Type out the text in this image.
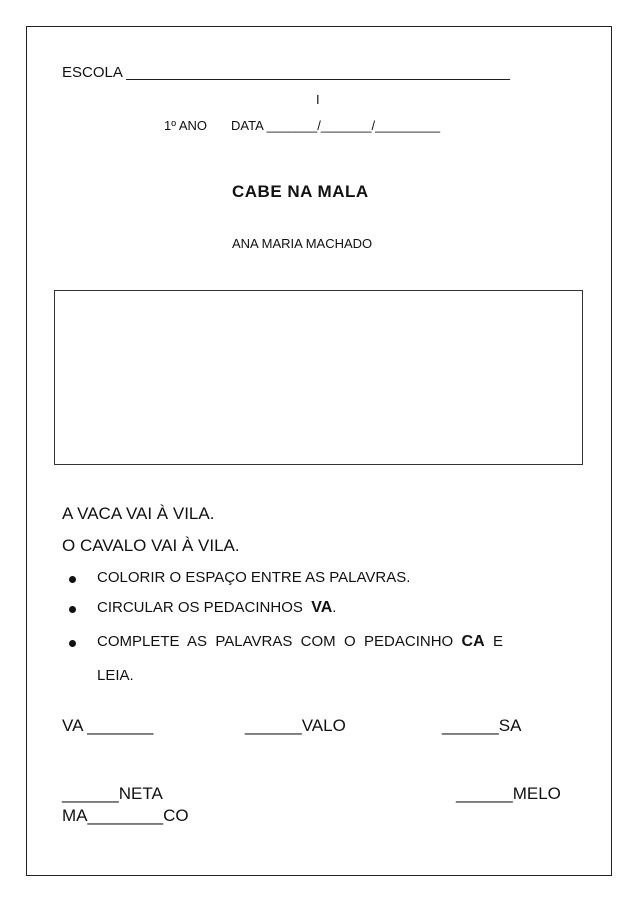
ESCOLA ______________________________________________
I
1º ANO DATA _______/_______/_________
CABE NA MALA
ANA MARIA MACHADO
A VACA VAI À VILA.
O CAVALO VAI À VILA.
COLORIR O ESPAÇO ENTRE AS PALAVRAS.
CIRCULAR OS PEDACINHOS  VA.
COMPLETE  AS  PALAVRAS  COM  O  PEDACINHO  CA  E
LEIA.
VA _______	______VALO	______SA
______NETA	______MELO
MA________CO
